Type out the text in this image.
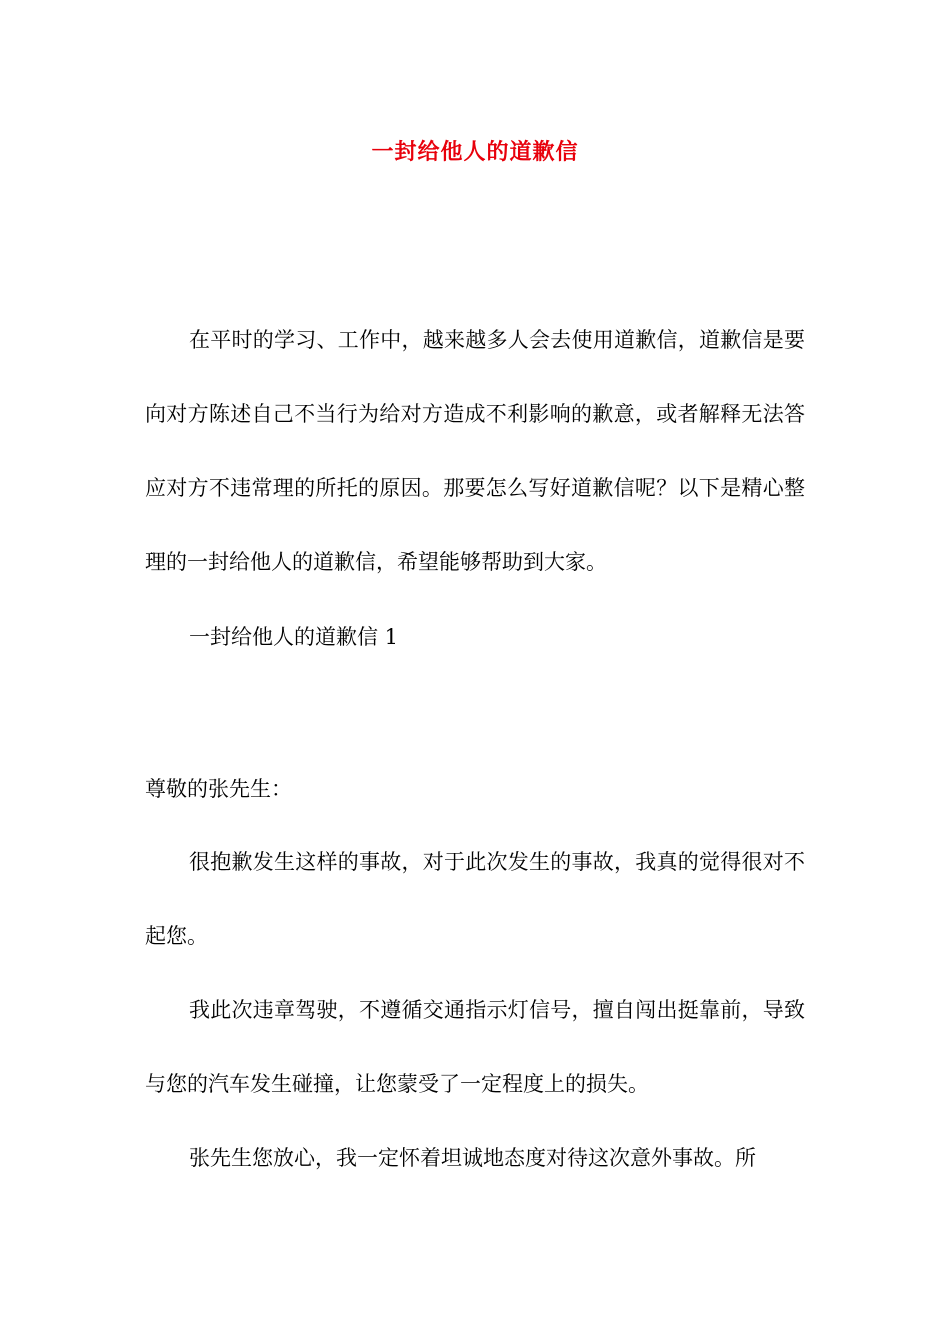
一封给他人的道歉信

在平时的学习、工作中，越来越多人会去使用道歉信，道歉信是要向对方陈述自己不当行为给对方造成不利影响的歉意，或者解释无法答应对方不违常理的所托的原因。那要怎么写好道歉信呢？以下是精心整理的一封给他人的道歉信，希望能够帮助到大家。

一封给他人的道歉信 1

尊敬的张先生：

很抱歉发生这样的事故，对于此次发生的事故，我真的觉得很对不起您。

我此次违章驾驶，不遵循交通指示灯信号，擅自闯出挺靠前，导致与您的汽车发生碰撞，让您蒙受了一定程度上的损失。

张先生您放心，我一定怀着坦诚地态度对待这次意外事故。所
